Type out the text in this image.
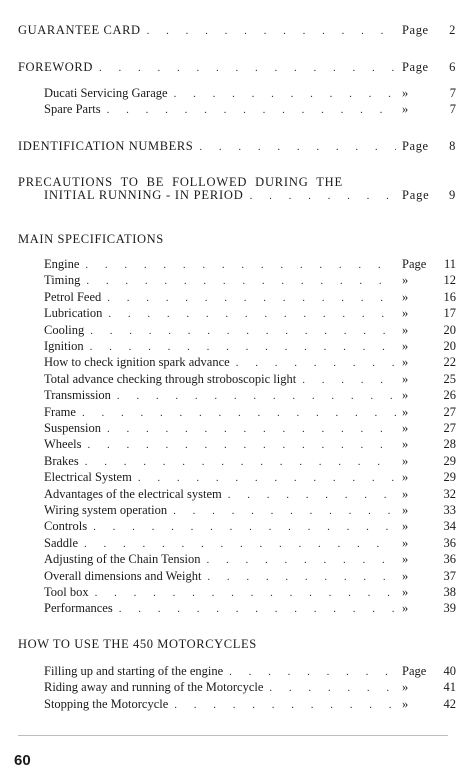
GUARANTEE CARD . . .	Page	2
FOREWORD . . .	Page	6
Ducati Servicing Garage . . .	»	7
Spare Parts . . .	»	7
IDENTIFICATION NUMBERS . . .	Page	8
PRECAUTIONS TO BE FOLLOWED DURING THE
INITIAL RUNNING - IN PERIOD . . .	Page	9
MAIN SPECIFICATIONS
Engine . . .	Page	11
Timing . . .	»	12
Petrol Feed . . .	»	16
Lubrication . . .	»	17
Cooling . . .	»	20
Ignition . . .	»	20
How to check ignition spark advance . . .	»	22
Total advance checking through stroboscopic light . . .	»	25
Transmission . . .	»	26
Frame . . .	»	27
Suspension . . .	»	27
Wheels . . .	»	28
Brakes . . .	»	29
Electrical System . . .	»	29
Advantages of the electrical system . . .	»	32
Wiring system operation . . .	»	33
Controls . . .	»	34
Saddle . . .	»	36
Adjusting of the Chain Tension . . .	»	36
Overall dimensions and Weight . . .	»	37
Tool box . . .	»	38
Performances . . .	»	39
HOW TO USE THE 450 MOTORCYCLES
Filling up and starting of the engine . . .	Page	40
Riding away and running of the Motorcycle . . .	»	41
Stopping the Motorcycle . . .	»	42
60
